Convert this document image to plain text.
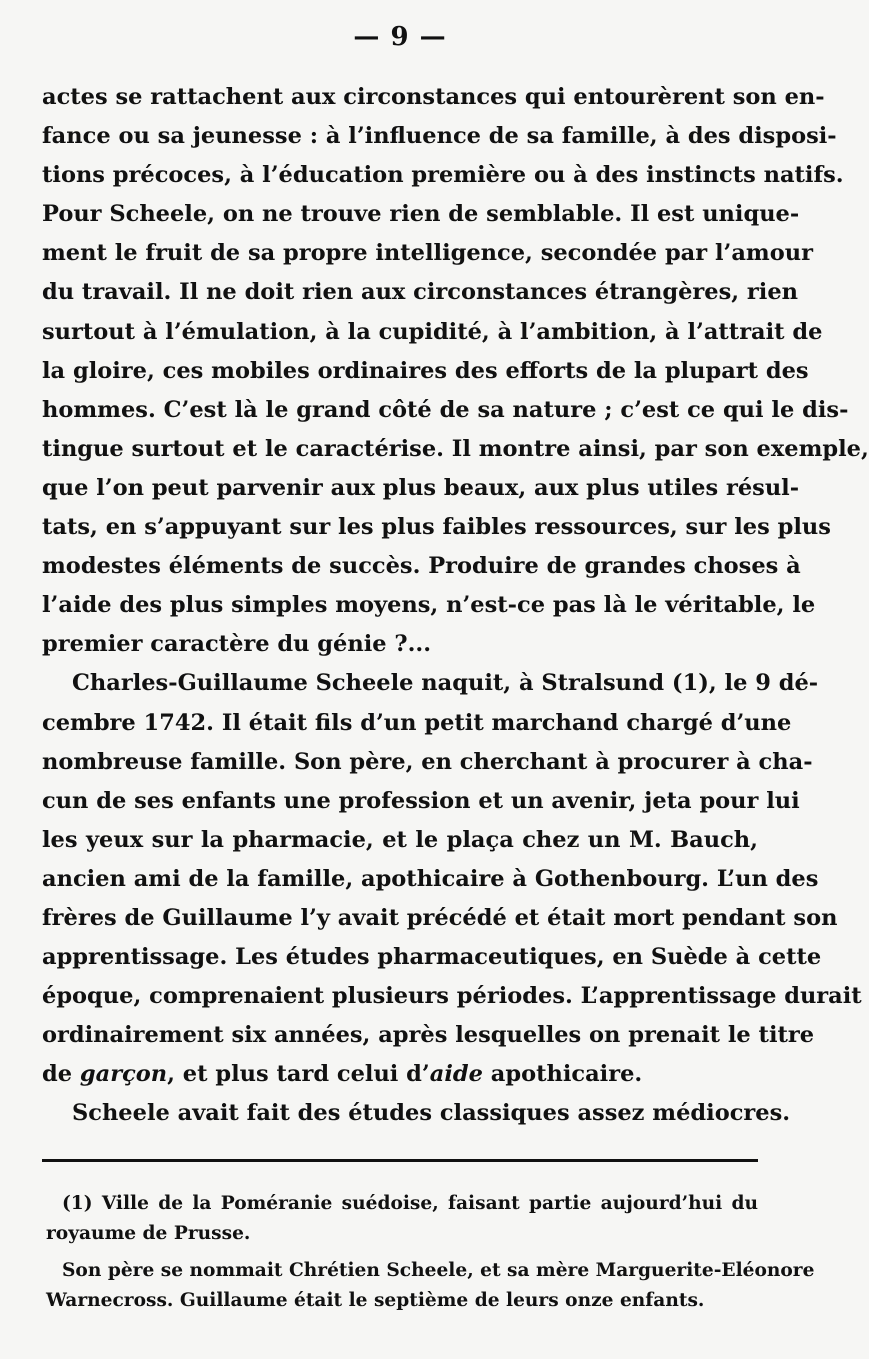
— 9 —
actes se rattachent aux circonstances qui entourèrent son en-
fance ou sa jeunesse : à l’influence de sa famille, à des disposi-
tions précoces, à l’éducation première ou à des instincts natifs.
Pour Scheele, on ne trouve rien de semblable. Il est unique-
ment le fruit de sa propre intelligence, secondée par l’amour
du travail. Il ne doit rien aux circonstances étrangères, rien
surtout à l’émulation, à la cupidité, à l’ambition, à l’attrait de
la gloire, ces mobiles ordinaires des efforts de la plupart des
hommes. C’est là le grand côté de sa nature ; c’est ce qui le dis-
tingue surtout et le caractérise. Il montre ainsi, par son exemple,
que l’on peut parvenir aux plus beaux, aux plus utiles résul-
tats, en s’appuyant sur les plus faibles ressources, sur les plus
modestes éléments de succès. Produire de grandes choses à
l’aide des plus simples moyens, n’est-ce pas là le véritable, le
premier caractère du génie ?...
Charles-Guillaume Scheele naquit, à Stralsund (1), le 9 dé-
cembre 1742. Il était fils d’un petit marchand chargé d’une
nombreuse famille. Son père, en cherchant à procurer à cha-
cun de ses enfants une profession et un avenir, jeta pour lui
les yeux sur la pharmacie, et le plaça chez un M. Bauch,
ancien ami de la famille, apothicaire à Gothenbourg. L’un des
frères de Guillaume l’y avait précédé et était mort pendant son
apprentissage. Les études pharmaceutiques, en Suède à cette
époque, comprenaient plusieurs périodes. L’apprentissage durait
ordinairement six années, après lesquelles on prenait le titre
de garçon, et plus tard celui d’aide apothicaire.
Scheele avait fait des études classiques assez médiocres.
(1) Ville de la Poméranie suédoise, faisant partie aujourd’hui du
royaume de Prusse.
Son père se nommait Chrétien Scheele, et sa mère Marguerite-Eléonore
Warnecross. Guillaume était le septième de leurs onze enfants.
